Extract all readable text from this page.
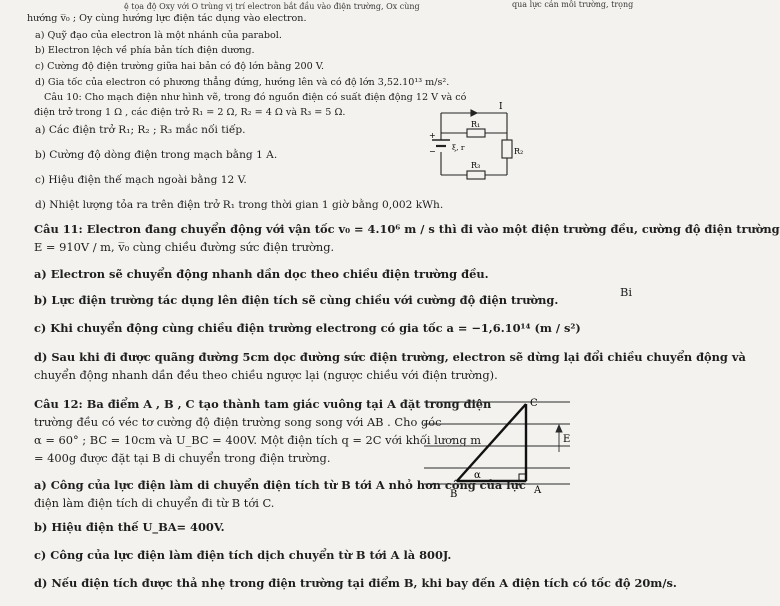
ệ tọa độ Oxy với O trùng vị trí electron bắt đầu vào điện trường, Ox cùng	qua lực cản môi trường, trọng
hướng v̅₀ ; Oy cùng hướng lực điện tác dụng vào electron.
a) Quỹ đạo của electron là một nhánh của parabol.
b) Electron lệch về phía bản tích điện dương.
c) Cường độ điện trường giữa hai bản có độ lớn bằng 200 V.
d) Gia tốc của electron có phương thẳng đứng, hướng lên và có độ lớn 3,52.10¹³ m/s².
Câu 10: Cho mạch điện như hình vẽ, trong đó nguồn điện có suất điện động 12 V và có
điện trở trong 1 Ω , các điện trở R₁ = 2 Ω, R₂ = 4 Ω và R₃ = 5 Ω.
a) Các điện trở R₁; R₂ ; R₃ mắc nối tiếp.
b) Cường độ dòng điện trong mạch bằng 1 A.
c) Hiệu điện thế mạch ngoài bằng 12 V.
d) Nhiệt lượng tỏa ra trên điện trở R₁ trong thời gian 1 giờ bằng 0,002 kWh.
I
R₁
R₂
R₃
ξ, r
+
−
Câu 11: Electron đang chuyển động với vận tốc v₀ = 4.10⁶ m / s thì đi vào một điện trường đều, cường độ điện trường
E = 910V / m, v̅₀ cùng chiều đường sức điện trường.
a) Electron sẽ chuyển động nhanh dần dọc theo chiều điện trường đều.
b) Lực điện trường tác dụng lên điện tích sẽ cùng chiều với cường độ điện trường.
Bi
c) Khi chuyển động cùng chiều điện trường electrong có gia tốc a = −1,6.10¹⁴ (m / s²)
d) Sau khi đi được quãng đường 5cm dọc đường sức điện trường, electron sẽ dừng lại đổi chiều chuyển động và
chuyển động nhanh dần đều theo chiều ngược lại (ngược chiều với điện trường).
Câu 12: Ba điểm A , B , C tạo thành tam giác vuông tại A đặt trong điện
trường đều có véc tơ cường độ điện trường song song với AB . Cho góc
α = 60° ; BC = 10cm và U_BC = 400V. Một điện tích q = 2C với khối lượng m
= 400g được đặt tại B di chuyển trong điện trường.
a) Công của lực điện làm di chuyển điện tích từ B tới A nhỏ hơn công của lực
điện làm điện tích di chuyển đi từ B tới C.
b) Hiệu điện thế U_BA= 400V.
c) Công của lực điện làm điện tích dịch chuyển từ B tới A là 800J.
d) Nếu điện tích được thả nhẹ trong điện trường tại điểm B, khi bay đến A điện tích có tốc độ 20m/s.
A
B
C
E
α
